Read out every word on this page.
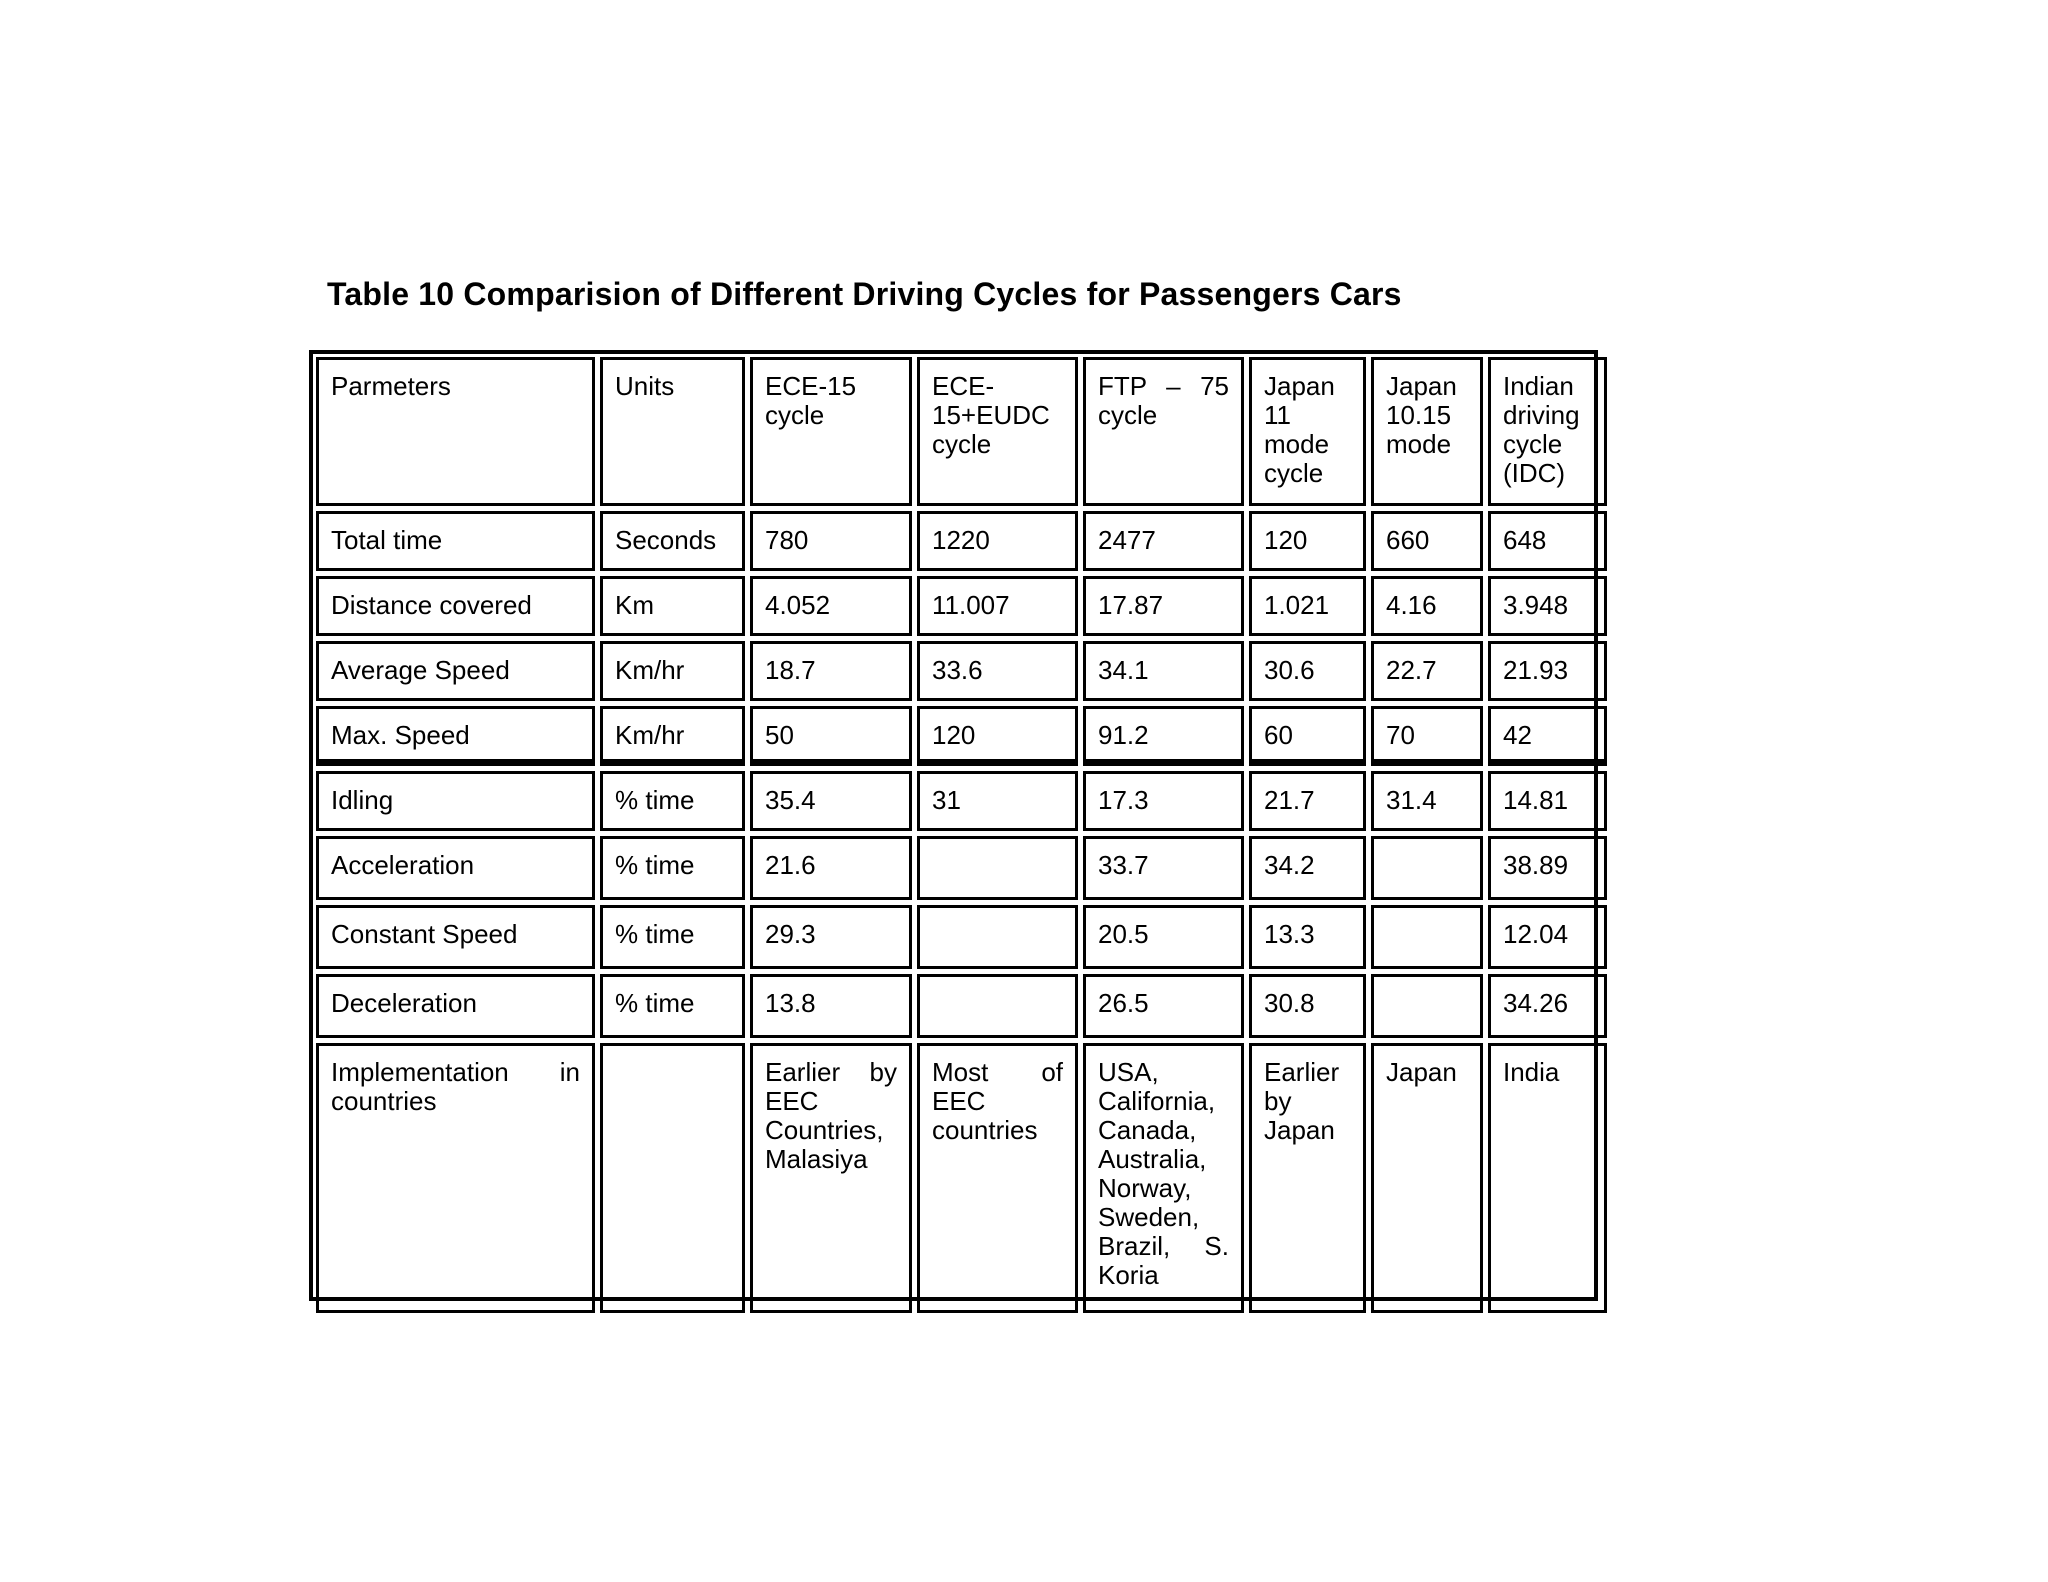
Table 10 Comparision of Different Driving Cycles for Passengers Cars
Parmeters	Units	ECE-15 cycle	ECE-15+EUDC cycle	FTP – 75 cycle	Japan 11 mode cycle	Japan 10.15 mode	Indian driving cycle (IDC)
Total time	Seconds	780	1220	2477	120	660	648
Distance covered	Km	4.052	11.007	17.87	1.021	4.16	3.948
Average Speed	Km/hr	18.7	33.6	34.1	30.6	22.7	21.93
Max. Speed	Km/hr	50	120	91.2	60	70	42
Idling	% time	35.4	31	17.3	21.7	31.4	14.81
Acceleration	% time	21.6		33.7	34.2		38.89
Constant Speed	% time	29.3		20.5	13.3		12.04
Deceleration	% time	13.8		26.5	30.8		34.26
Implementation in countries		Earlier by EEC Countries, Malasiya	Most of EEC countries	USA, California, Canada, Australia, Norway, Sweden, Brazil, S. Koria	Earlier by Japan	Japan	India
